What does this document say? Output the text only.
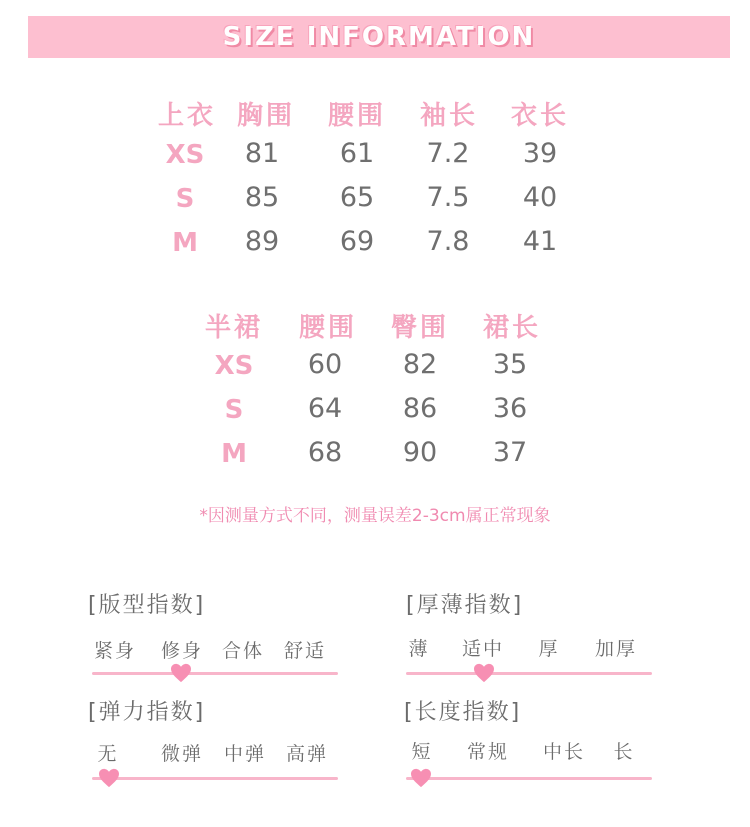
SIZE INFORMATION
上衣 胸围 腰围 袖长 衣长
XS 81 61 7.2 39
S 85 65 7.5 40
M 89 69 7.8 41
半裙 腰围 臀围 裙长
XS 60 82 35
S 64 86 36
M 68 90 37
*因测量方式不同，测量误差2-3cm属正常现象
[版型指数]
紧身 修身 合体 舒适
[厚薄指数]
薄 适中 厚 加厚
[弹力指数]
无 微弹 中弹 高弹
[长度指数]
短 常规 中长 长
